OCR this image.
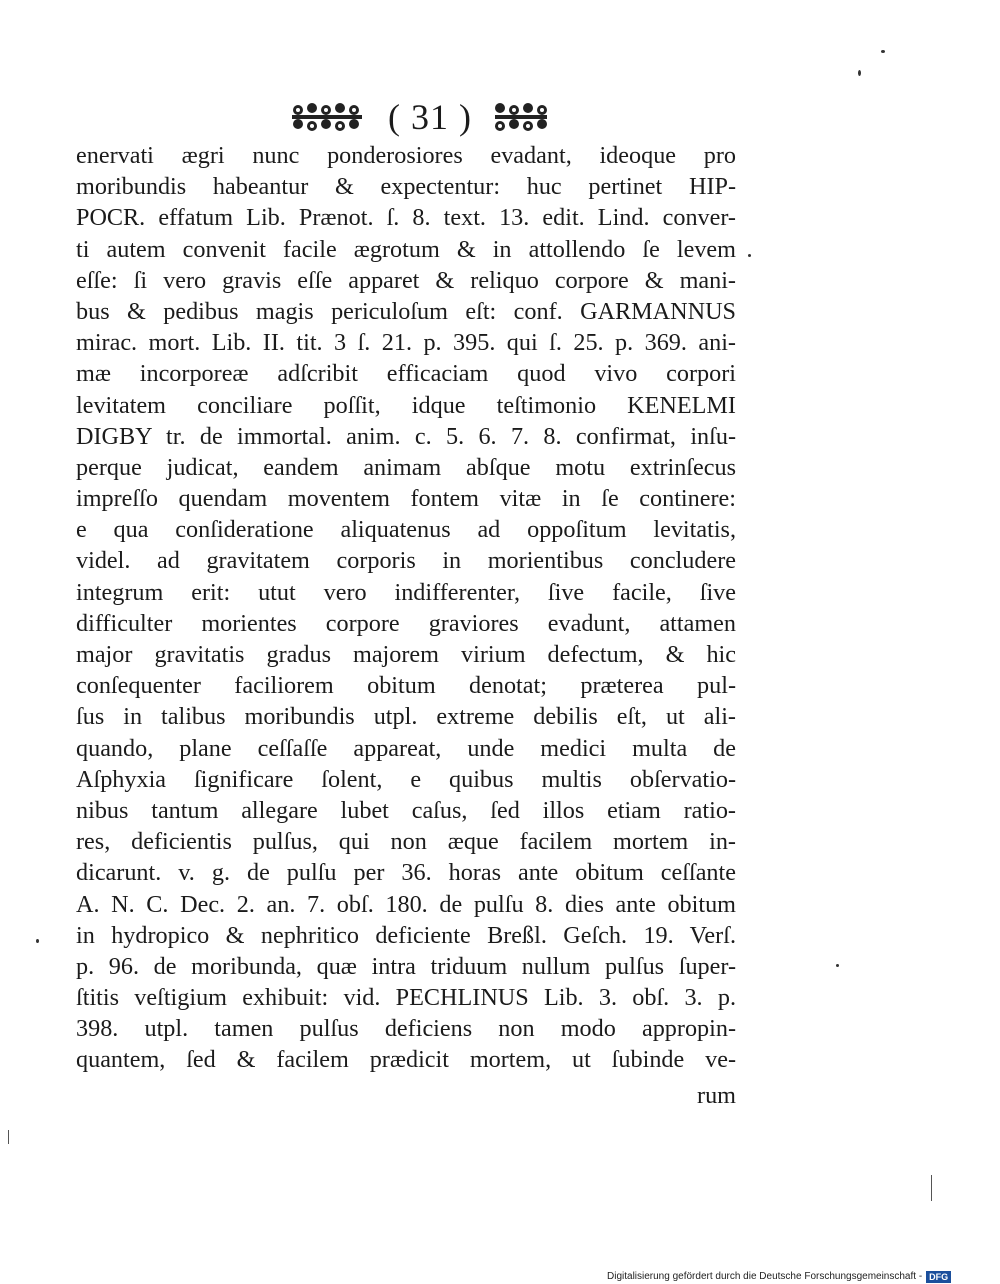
( 31 )
enervati ægri nunc ponderosiores evadant, ideoque pro
moribundis habeantur & expectentur: huc pertinet HIP-
POCR. effatum Lib. Prænot. ſ. 8. text. 13. edit. Lind. conver-
ti autem convenit facile ægrotum & in attollendo ſe levem
eſſe: ſi vero gravis eſſe apparet & reliquo corpore & mani-
bus & pedibus magis periculoſum eſt: conf. GARMANNUS
mirac. mort. Lib. II. tit. 3 ſ. 21. p. 395. qui ſ. 25. p. 369. ani-
mæ incorporeæ adſcribit efficaciam quod vivo corpori
levitatem conciliare poſſit, idque teſtimonio KENELMI
DIGBY tr. de immortal. anim. c. 5. 6. 7. 8. confirmat, inſu-
perque judicat, eandem animam abſque motu extrinſecus
impreſſo quendam moventem fontem vitæ in ſe continere:
e qua conſideratione aliquatenus ad oppoſitum levitatis,
videl. ad gravitatem corporis in morientibus concludere
integrum erit: utut vero indifferenter, ſive facile, ſive
difficulter morientes corpore graviores evadunt, attamen
major gravitatis gradus majorem virium defectum, & hic
conſequenter faciliorem obitum denotat; præterea pul-
ſus in talibus moribundis utpl. extreme debilis eſt, ut ali-
quando, plane ceſſaſſe appareat, unde medici multa de
Aſphyxia ſignificare ſolent, e quibus multis obſervatio-
nibus tantum allegare lubet caſus, ſed illos etiam ratio-
res, deficientis pulſus, qui non æque facilem mortem in-
dicarunt. v. g. de pulſu per 36. horas ante obitum ceſſante
A. N. C. Dec. 2. an. 7. obſ. 180. de pulſu 8. dies ante obitum
in hydropico & nephritico deficiente Breßl. Geſch. 19. Verſ.
p. 96. de moribunda, quæ intra triduum nullum pulſus ſuper-
ſtitis veſtigium exhibuit: vid. PECHLINUS Lib. 3. obſ. 3. p.
398. utpl. tamen pulſus deficiens non modo appropin-
quantem, ſed & facilem prædicit mortem, ut ſubinde ve-
rum
Digitalisierung gefördert durch die Deutsche Forschungsgemeinschaft - DFG
